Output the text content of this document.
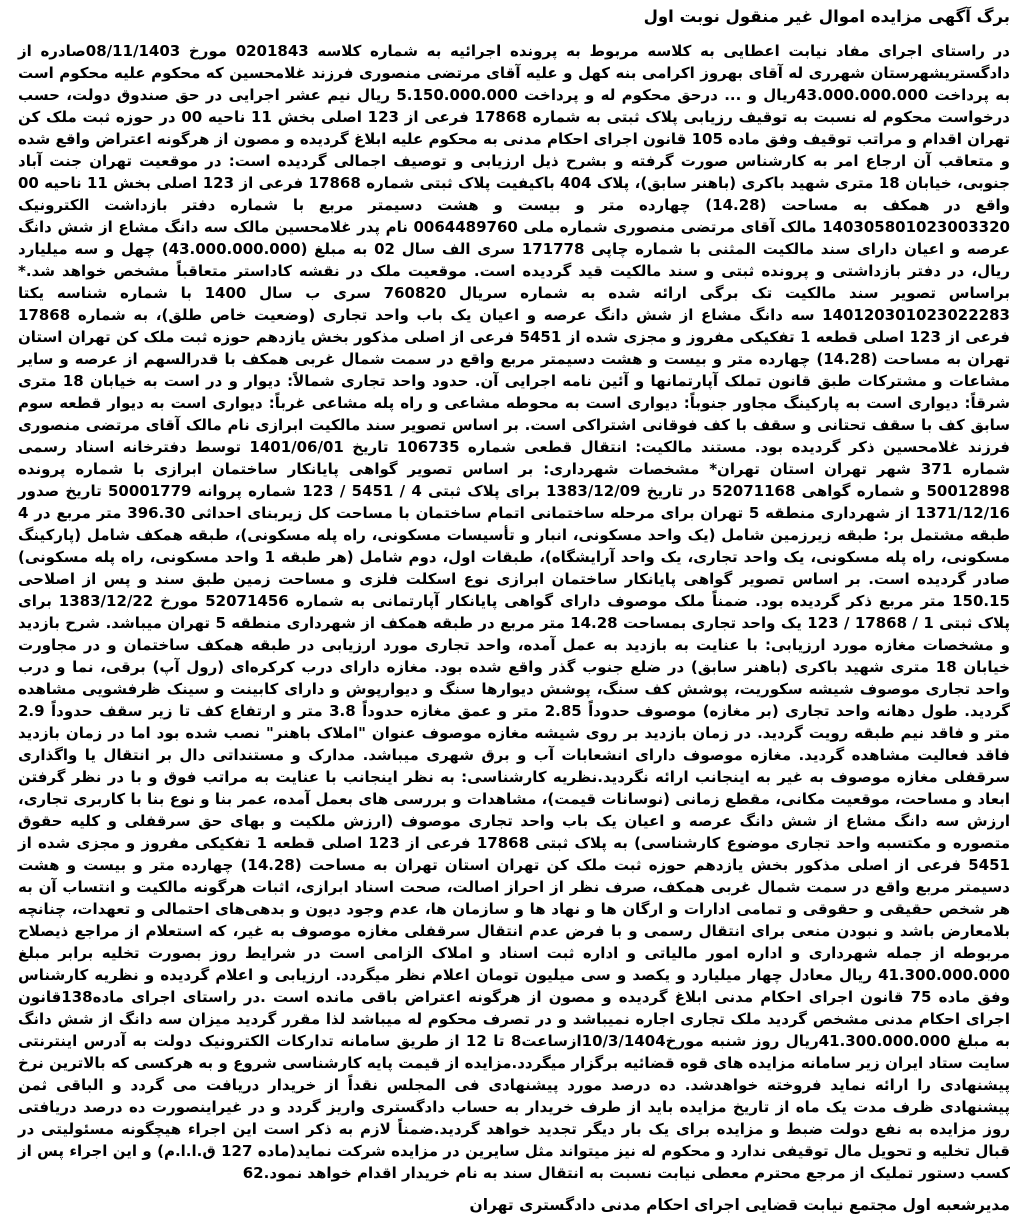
برگ آگهی مزایده اموال غیر منقول نوبت اول

در راستای اجرای مفاد نیابت اعطایی به کلاسه مربوط به پرونده اجرائیه به شماره کلاسه 0201843 مورخ 08/11/1403صادره از دادگستریشهرستان شهرری له آقای بهروز اکرامی بنه کهل و علیه آقای مرتضی منصوری فرزند غلامحسین که محکوم علیه محکوم است به پرداخت 43.000.000.000ریال و ... درحق محکوم له و پرداخت 5.150.000.000 ریال نیم عشر اجرایی در حق صندوق دولت، حسب درخواست محکوم له نسبت به توقیف رزیابی پلاک ثبتی به شماره 17868 فرعی از 123 اصلی بخش 11 ناحیه 00 در حوزه ثبت ملک کن تهران اقدام و مراتب توقیف وفق ماده 105 قانون اجرای احکام مدنی به محکوم علیه ابلاغ گردیده و مصون از هرگونه اعتراض واقع شده و متعاقب آن ارجاع امر به کارشناس صورت گرفته و بشرح ذیل ارزیابی و توصیف اجمالی گردیده است: در موقعیت تهران جنت آباد جنوبی، خیابان 18 متری شهید باکری (باهنر سابق)، پلاک 404 باکیفیت پلاک ثبتی شماره 17868 فرعی از 123 اصلی بخش 11 ناحیه 00 واقع در همکف به مساحت (14.28) چهارده متر و بیست و هشت دسیمتر مربع با شماره دفتر بازداشت الکترونیک 140305801023003320 مالک آقای مرتضی منصوری شماره ملی 0064489760 نام پدر غلامحسین مالک سه دانگ مشاع از شش دانگ عرصه و اعیان دارای سند مالکیت المثنی با شماره چاپی 171778 سری الف سال 02 به مبلغ (43.000.000.000) چهل و سه میلیارد ریال، در دفتر بازداشتی و پرونده ثبتی و سند مالکیت قید گردیده است. موقعیت ملک در نقشه کاداستر متعاقباً مشخص خواهد شد.* براساس تصویر سند مالکیت تک برگی ارائه شده به شماره سریال 760820 سری ب سال 1400 با شماره شناسه یکتا 140120301023022283 سه دانگ مشاع از شش دانگ عرصه و اعیان یک باب واحد تجاری (وضعیت خاص طلق)، به شماره 17868 فرعی از 123 اصلی قطعه 1 تفکیکی مفروز و مجزی شده از 5451 فرعی از اصلی مذکور بخش یازدهم حوزه ثبت ملک کن تهران استان تهران به مساحت (14.28) چهارده متر و بیست و هشت دسیمتر مربع واقع در سمت شمال غربی همکف با قدرالسهم از عرصه و سایر مشاعات و مشترکات طبق قانون تملک آپارتمانها و آئین نامه اجرایی آن. حدود واحد تجاری شمالاً: دیوار و در است به خیابان 18 متری شرقاً: دیواری است به پارکینگ مجاور جنوباً: دیواری است به محوطه مشاعی و راه پله مشاعی غرباً: دیواری است به دیوار قطعه سوم سابق کف با سقف تحتانی و سقف با کف فوقانی اشتراکی است. بر اساس تصویر سند مالکیت ابرازی نام مالک آقای مرتضی منصوری فرزند غلامحسین ذکر گردیده بود. مستند مالکیت: انتقال قطعی شماره 106735 تاریخ 1401/06/01 توسط دفترخانه اسناد رسمی شماره 371 شهر تهران استان تهران* مشخصات شهرداری: بر اساس تصویر گواهی پایانکار ساختمان ابرازی با شماره پرونده 50012898 و شماره گواهی 52071168 در تاریخ 1383/12/09 برای پلاک ثبتی 4 / 5451 / 123 شماره پروانه 50001779 تاریخ صدور 1371/12/16 از شهرداری منطقه 5 تهران برای مرحله ساختمانی اتمام ساختمان با مساحت کل زیربنای احداثی 396.30 متر مربع در 4 طبقه مشتمل بر: طبقه زیرزمین شامل (یک واحد مسکونی، انبار و تأسیسات مسکونی، راه پله مسکونی)، طبقه همکف شامل (پارکینگ مسکونی، راه پله مسکونی، یک واحد تجاری، یک واحد آرایشگاه)، طبقات اول، دوم شامل (هر طبقه 1 واحد مسکونی، راه پله مسکونی) صادر گردیده است. بر اساس تصویر گواهی پایانکار ساختمان ابرازی نوع اسکلت فلزی و مساحت زمین طبق سند و پس از اصلاحی 150.15 متر مربع ذکر گردیده بود. ضمناً ملک موصوف دارای گواهی پایانکار آپارتمانی به شماره 52071456 مورخ 1383/12/22 برای پلاک ثبتی 1 / 17868 / 123 یک واحد تجاری بمساحت 14.28 متر مربع در طبقه همکف از شهرداری منطقه 5 تهران میباشد. شرح بازدید و مشخصات مغازه مورد ارزیابی: با عنایت به بازدید به عمل آمده، واحد تجاری مورد ارزیابی در طبقه همکف ساختمان و در مجاورت خیابان 18 متری شهید باکری (باهنر سابق) در ضلع جنوب گذر واقع شده بود. مغازه دارای درب کرکره‌ای (رول آپ) برقی، نما و درب واحد تجاری موصوف شیشه سکوریت، پوشش کف سنگ، پوشش دیوارها سنگ و دیوارپوش و دارای کابینت و سینک ظرفشویی مشاهده گردید. طول دهانه واحد تجاری (بر مغازه) موصوف حدوداً 2.85 متر و عمق مغازه حدوداً 3.8 متر و ارتفاع کف تا زیر سقف حدوداً 2.9 متر و فاقد نیم طبقه رویت گردید. در زمان بازدید بر روی شیشه مغازه موصوف عنوان "املاک باهنر" نصب شده بود اما در زمان بازدید فاقد فعالیت مشاهده گردید. مغازه موصوف دارای انشعابات آب و برق شهری میباشد. مدارک و مستنداتی دال بر انتقال یا واگذاری سرقفلی مغازه موصوف به غیر به اینجانب ارائه نگردید.نظریه کارشناسی: به نظر اینجانب با عنایت به مراتب فوق و با در نظر گرفتن ابعاد و مساحت، موقعیت مکانی، مقطع زمانی (نوسانات قیمت)، مشاهدات و بررسی های بعمل آمده، عمر بنا و نوع بنا با کاربری تجاری، ارزش سه دانگ مشاع از شش دانگ عرصه و اعیان یک باب واحد تجاری موصوف (ارزش ملکیت و بهای حق سرقفلی و کلیه حقوق متصوره و مکتسبه واحد تجاری موضوع کارشناسی) به پلاک ثبتی 17868 فرعی از 123 اصلی قطعه 1 تفکیکی مفروز و مجزی شده از 5451 فرعی از اصلی مذکور بخش یازدهم حوزه ثبت ملک کن تهران استان تهران به مساحت (14.28) چهارده متر و بیست و هشت دسیمتر مربع واقع در سمت شمال غربی همکف، صرف نظر از احراز اصالت، صحت اسناد ابرازی، اثبات هرگونه مالکیت و انتساب آن به هر شخص حقیقی و حقوقی و تمامی ادارات و ارگان ها و نهاد ها و سازمان ها، عدم وجود دیون و بدهی‌های احتمالی و تعهدات، چنانچه بلامعارض باشد و نبودن منعی برای انتقال رسمی و با فرض عدم انتقال سرقفلی مغازه موصوف به غیر، که استعلام از مراجع ذیصلاح مربوطه از جمله شهرداری و اداره امور مالیاتی و اداره ثبت اسناد و املاک الزامی است در شرایط روز بصورت تخلیه برابر مبلغ 41.300.000.000 ریال معادل چهار میلیارد و یکصد و سی میلیون تومان اعلام نظر میگردد. ارزیابی و اعلام گردیده و نظریه کارشناس وفق ماده 75 قانون اجرای احکام مدنی ابلاغ گردیده و مصون از هرگونه اعتراض باقی مانده است .در راستای اجرای ماده138قانون اجرای احکام مدنی مشخص گردید ملک تجاری اجاره نمیباشد و در تصرف محکوم له میباشد لذا مقرر گردید میزان سه دانگ از شش دانگ به مبلغ 41.300.000.000ریال روز شنبه مورخ10/3/1404ازساعت8 تا 12 از طریق سامانه تدارکات الکترونیک دولت به آدرس اینترنتی سایت ستاد ایران زیر سامانه مزایده های قوه قضائیه برگزار میگردد.مزایده از قیمت پایه کارشناسی شروع و به هرکسی که بالاترین نرخ پیشنهادی را ارائه نماید فروخته خواهدشد. ده درصد مورد پیشنهادی فی المجلس نقداً از خریدار دریافت می گردد و الباقی ثمن پیشنهادی ظرف مدت یک ماه از تاریخ مزایده باید از طرف خریدار به حساب دادگستری واریز گردد و در غیراینصورت ده درصد دریافتی روز مزایده به نفع دولت ضبط و مزایده برای یک بار دیگر تجدید خواهد گردید.ضمناً لازم به ذکر است این اجراء هیچگونه مسئولیتی در قبال تخلیه و تحویل مال توقیفی ندارد و محکوم له نیز میتواند مثل سایرین در مزایده شرکت نماید(ماده 127 ق.ا.ا.م) و این اجراء پس از کسب دستور تملیک از مرجع محترم معطی نیابت نسبت به انتقال سند به نام خریدار اقدام خواهد نمود.62

مدیرشعبه اول مجتمع نیابت قضایی اجرای احکام مدنی دادگستری تهران
